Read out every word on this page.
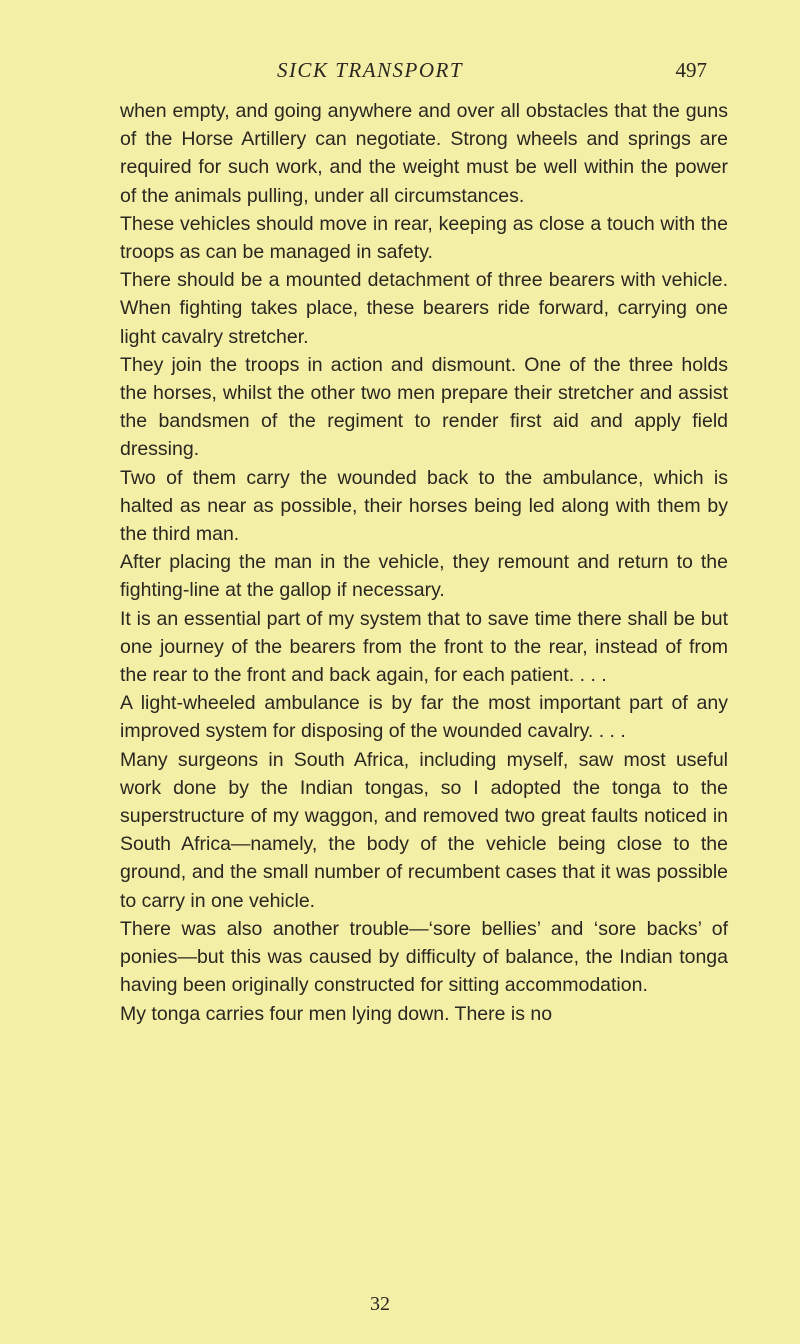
SICK TRANSPORT	497

when empty, and going anywhere and over all obstacles that the guns of the Horse Artillery can negotiate. Strong wheels and springs are required for such work, and the weight must be well within the power of the animals pulling, under all circumstances.

These vehicles should move in rear, keeping as close a touch with the troops as can be managed in safety.

There should be a mounted detachment of three bearers with vehicle. When fighting takes place, these bearers ride forward, carrying one light cavalry stretcher.

They join the troops in action and dismount. One of the three holds the horses, whilst the other two men prepare their stretcher and assist the bandsmen of the regiment to render first aid and apply field dressing.

Two of them carry the wounded back to the ambulance, which is halted as near as possible, their horses being led along with them by the third man.

After placing the man in the vehicle, they remount and return to the fighting-line at the gallop if necessary.

It is an essential part of my system that to save time there shall be but one journey of the bearers from the front to the rear, instead of from the rear to the front and back again, for each patient. . . .

A light-wheeled ambulance is by far the most important part of any improved system for disposing of the wounded cavalry. . . .

Many surgeons in South Africa, including myself, saw most useful work done by the Indian tongas, so I adopted the tonga to the superstructure of my waggon, and removed two great faults noticed in South Africa—namely, the body of the vehicle being close to the ground, and the small number of recumbent cases that it was possible to carry in one vehicle.

There was also another trouble—‘sore bellies’ and ‘sore backs’ of ponies—but this was caused by difficulty of balance, the Indian tonga having been originally constructed for sitting accommodation.

My tonga carries four men lying down. There is no

32
